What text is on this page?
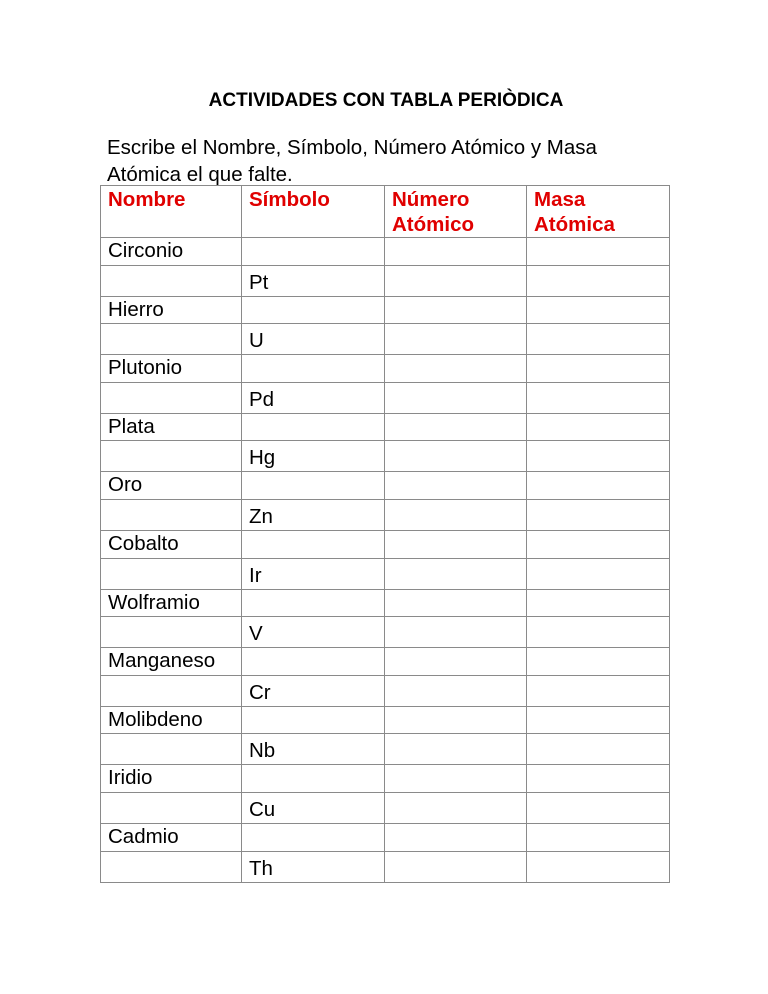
ACTIVIDADES CON TABLA PERIÒDICA
Escribe el Nombre, Símbolo, Número Atómico y Masa Atómica el que falte.
Nombre	Símbolo	Número Atómico	Masa Atómica
Circonio			
	Pt		
Hierro			
	U		
Plutonio			
	Pd		
Plata			
	Hg		
Oro			
	Zn		
Cobalto			
	Ir		
Wolframio			
	V		
Manganeso			
	Cr		
Molibdeno			
	Nb		
Iridio			
	Cu		
Cadmio			
	Th		
